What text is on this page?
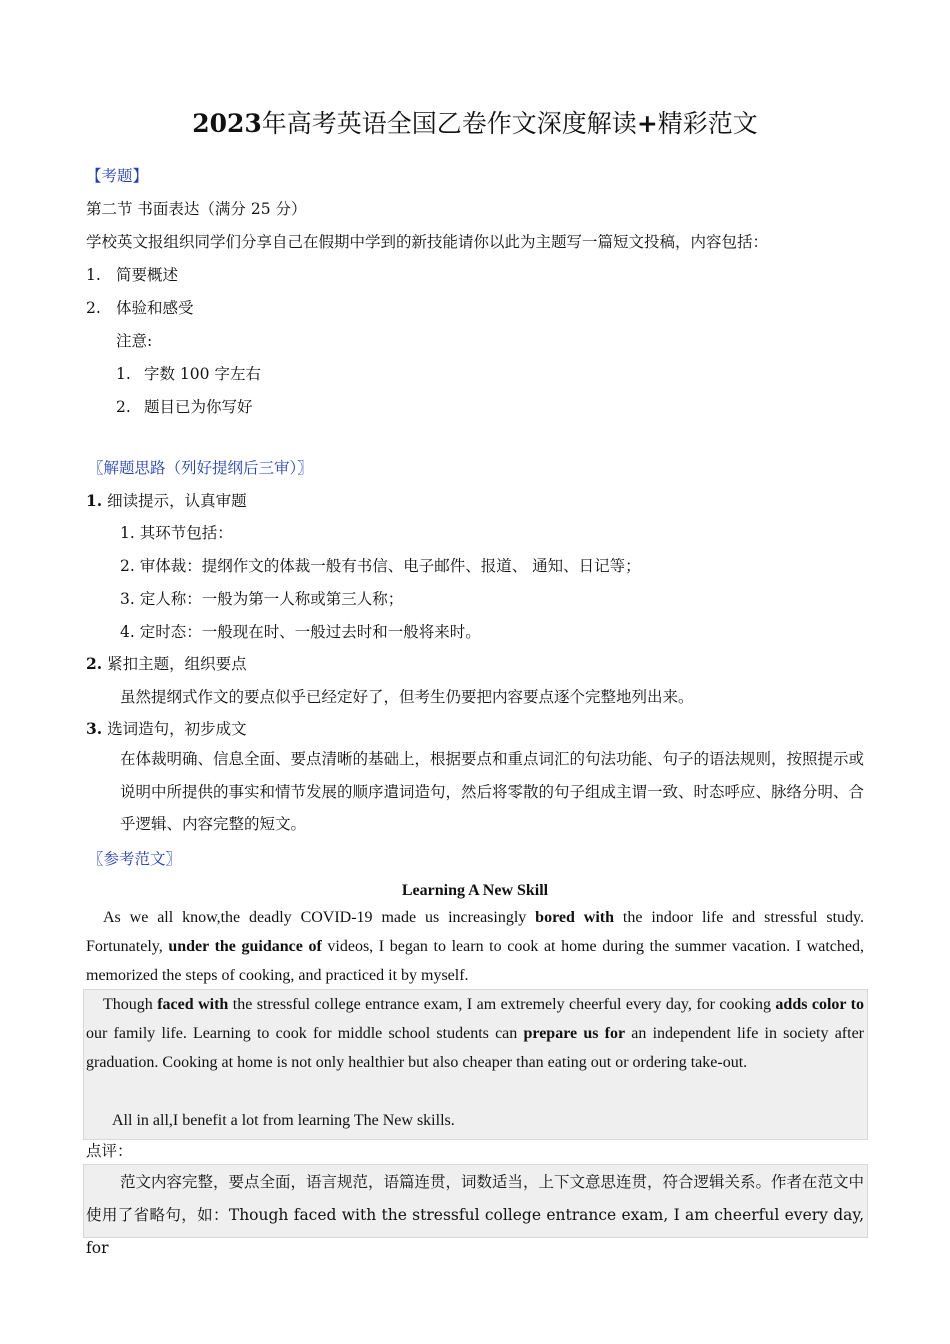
2023年高考英语全国乙卷作文深度解读+精彩范文
【考题】
第二节 书面表达（满分 25 分）
学校英文报组织同学们分享自己在假期中学到的新技能请你以此为主题写一篇短文投稿，内容包括：
1. 简要概述
2. 体验和感受
注意:
1. 字数 100 字左右
2. 题目已为你写好
〖解题思路（列好提纲后三审）〗
1. 细读提示，认真审题
1. 其环节包括：
2. 审体裁：提纲作文的体裁一般有书信、电子邮件、报道、 通知、日记等；
3. 定人称：一般为第一人称或第三人称；
4. 定时态：一般现在时、一般过去时和一般将来时。
2. 紧扣主题，组织要点
虽然提纲式作文的要点似乎已经定好了，但考生仍要把内容要点逐个完整地列出来。
3. 选词造句，初步成文
在体裁明确、信息全面、要点清晰的基础上，根据要点和重点词汇的句法功能、句子的语法规则，按照提示或说明中所提供的事实和情节发展的顺序遣词造句，然后将零散的句子组成主谓一致、时态呼应、脉络分明、合乎逻辑、内容完整的短文。
〖参考范文〗
Learning A New Skill
As we all know,the deadly COVID-19 made us increasingly bored with the indoor life and stressful study. Fortunately, under the guidance of videos, I began to learn to cook at home during the summer vacation. I watched, memorized the steps of cooking, and practiced it by myself.
Though faced with the stressful college entrance exam, I am extremely cheerful every day, for cooking adds color to our family life. Learning to cook for middle school students can prepare us for an independent life in society after graduation. Cooking at home is not only healthier but also cheaper than eating out or ordering take-out.
All in all,I benefit a lot from learning The New skills.
点评：
范文内容完整，要点全面，语言规范，语篇连贯，词数适当，上下文意思连贯，符合逻辑关系。作者在范文中使用了省略句，如：Though faced with the stressful college entrance exam, I am cheerful every day, for
